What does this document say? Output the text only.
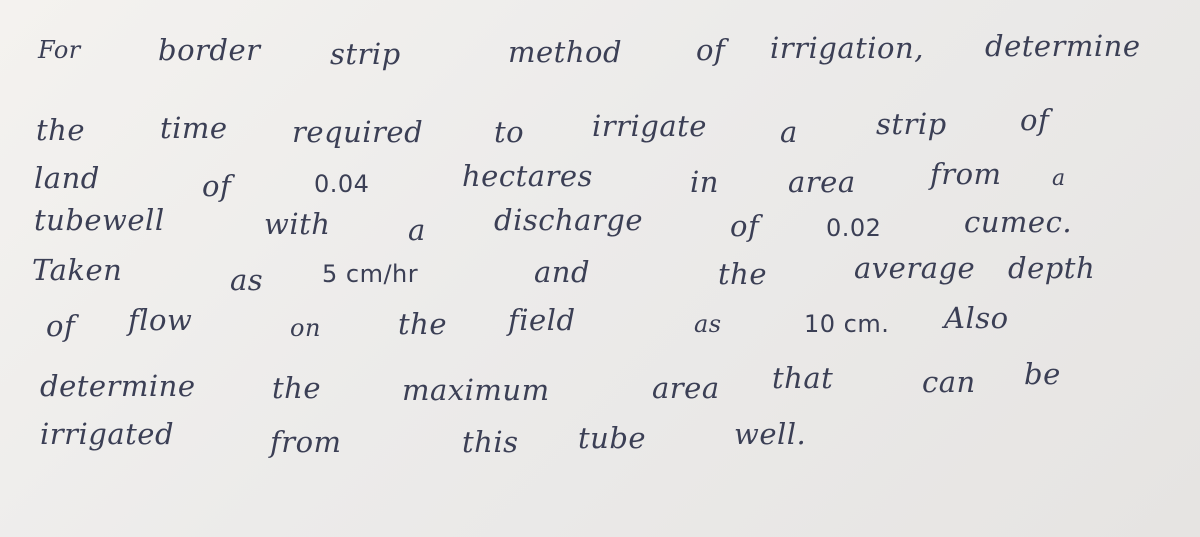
For	border strip	method	of irrigation, determine
the	time required to irrigate	a	strip	of
land	of	0.04	hectares	in area	from a
tubewell	with	a discharge	of	0.02	cumec.
Taken	as 5 cm/hr	and	the	average depth
of flow	on	the field	as	10 cm. Also
determine	the	maximum	area that	can be
irrigated	from	this tube	well.
